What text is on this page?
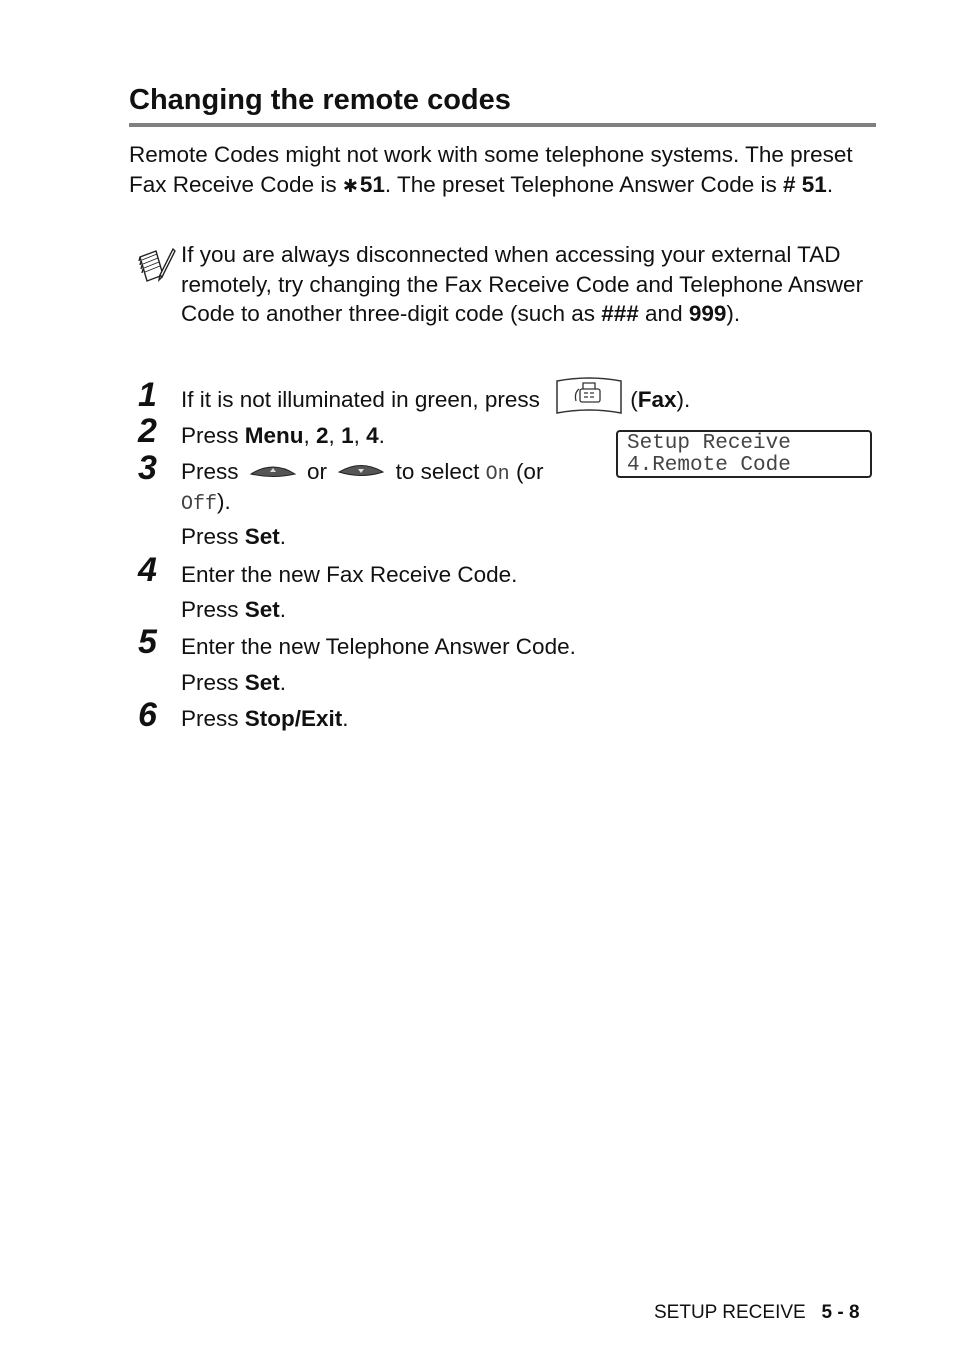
Changing the remote codes
Remote Codes might not work with some telephone systems. The preset Fax Receive Code is ✱ 51. The preset Telephone Answer Code is # 51.
If you are always disconnected when accessing your external TAD remotely, try changing the Fax Receive Code and Telephone Answer Code to another three-digit code (such as ### and 999).
1 If it is not illuminated in green, press	(Fax).
2 Press Menu, 2, 1, 4.	Setup Receive
4.Remote Code
3 Press	or	to select On (or
Off).
Press Set.
4 Enter the new Fax Receive Code.
Press Set.
5 Enter the new Telephone Answer Code.
Press Set.
6 Press Stop/Exit.
SETUP RECEIVE 5 - 8
